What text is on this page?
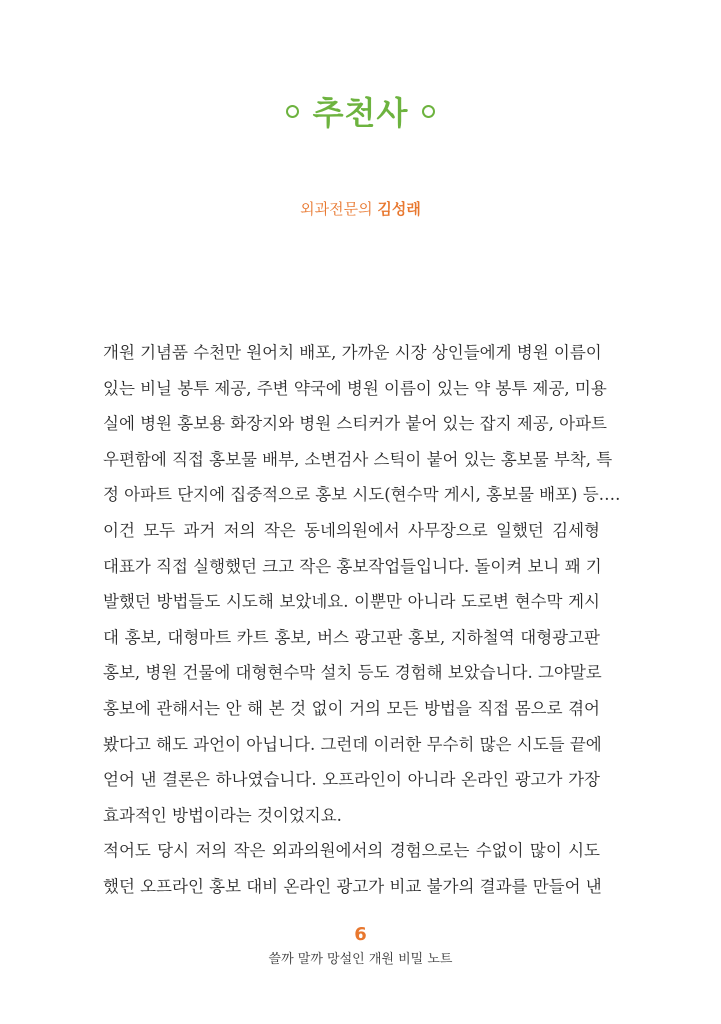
추천사
외과전문의 김성래
개원 기념품 수천만 원어치 배포, 가까운 시장 상인들에게 병원 이름이
있는 비닐 봉투 제공, 주변 약국에 병원 이름이 있는 약 봉투 제공, 미용
실에 병원 홍보용 화장지와 병원 스티커가 붙어 있는 잡지 제공, 아파트
우편함에 직접 홍보물 배부, 소변검사 스틱이 붙어 있는 홍보물 부착, 특
정 아파트 단지에 집중적으로 홍보 시도(현수막 게시, 홍보물 배포) 등….
이건 모두 과거 저의 작은 동네의원에서 사무장으로 일했던 김세형
대표가 직접 실행했던 크고 작은 홍보작업들입니다. 돌이켜 보니 꽤 기
발했던 방법들도 시도해 보았네요. 이뿐만 아니라 도로변 현수막 게시
대 홍보, 대형마트 카트 홍보, 버스 광고판 홍보, 지하철역 대형광고판
홍보, 병원 건물에 대형현수막 설치 등도 경험해 보았습니다. 그야말로
홍보에 관해서는 안 해 본 것 없이 거의 모든 방법을 직접 몸으로 겪어
봤다고 해도 과언이 아닙니다. 그런데 이러한 무수히 많은 시도들 끝에
얻어 낸 결론은 하나였습니다. 오프라인이 아니라 온라인 광고가 가장
효과적인 방법이라는 것이었지요.
적어도 당시 저의 작은 외과의원에서의 경험으로는 수없이 많이 시도
했던 오프라인 홍보 대비 온라인 광고가 비교 불가의 결과를 만들어 낸
6
쓸까 말까 망설인 개원 비밀 노트
